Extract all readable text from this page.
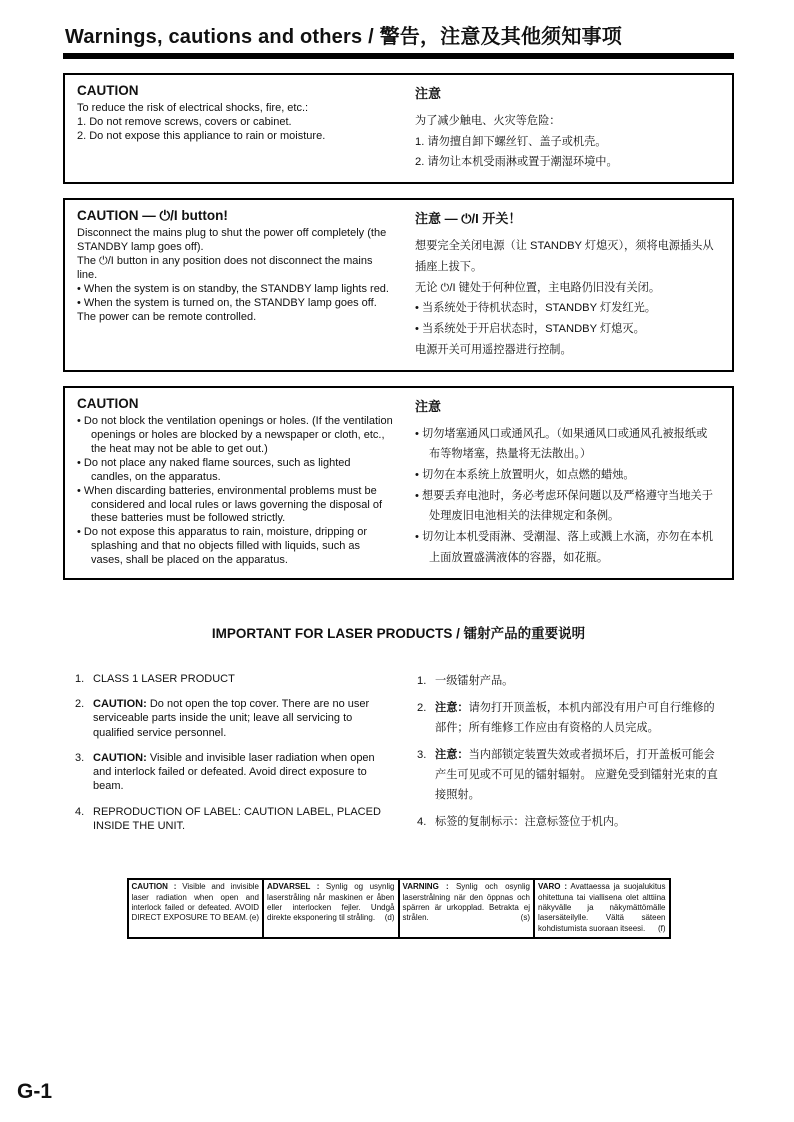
Warnings, cautions and others / 警告，注意及其他须知事项
CAUTION

To reduce the risk of electrical shocks, fire, etc.:

1. Do not remove screws, covers or cabinet.

2. Do not expose this appliance to rain or moisture.

注意

为了减少触电、火灾等危险：

1. 请勿擅自卸下螺丝钉、盖子或机壳。

2. 请勿让本机受雨淋或置于潮湿环境中。

CAUTION — ⏻/I button!

Disconnect the mains plug to shut the power off completely (the STANDBY lamp goes off).

The ⏻/I button in any position does not disconnect the mains line.

• When the system is on standby, the STANDBY lamp lights red.

• When the system is turned on, the STANDBY lamp goes off.

The power can be remote controlled.

注意 — ⏻/I 开关！

想要完全关闭电源（让 STANDBY 灯熄灭），须将电源插头从插座上拔下。

无论 ⏻/I 键处于何种位置，主电路仍旧没有关闭。

• 当系统处于待机状态时，STANDBY 灯发红光。

• 当系统处于开启状态时，STANDBY 灯熄灭。

电源开关可用遥控器进行控制。

CAUTION

• Do not block the ventilation openings or holes. (If the ventilation openings or holes are blocked by a newspaper or cloth, etc., the heat may not be able to get out.)

• Do not place any naked flame sources, such as lighted candles, on the apparatus.

• When discarding batteries, environmental problems must be considered and local rules or laws governing the disposal of these batteries must be followed strictly.

• Do not expose this apparatus to rain, moisture, dripping or splashing and that no objects filled with liquids, such as vases, shall be placed on the apparatus.

注意

• 切勿堵塞通风口或通风孔。（如果通风口或通风孔被报纸或布等物堵塞，热量将无法散出。）

• 切勿在本系统上放置明火，如点燃的蜡烛。

• 想要丢弃电池时，务必考虑环保问题以及严格遵守当地关于处理废旧电池相关的法律规定和条例。

• 切勿让本机受雨淋、受潮湿、落上或溅上水滴，亦勿在本机上面放置盛满液体的容器，如花瓶。

IMPORTANT FOR LASER PRODUCTS / 镭射产品的重要说明
1. CLASS 1 LASER PRODUCT
2. CAUTION: Do not open the top cover. There are no user serviceable parts inside the unit; leave all servicing to qualified service personnel.
3. CAUTION: Visible and invisible laser radiation when open and interlock failed or defeated. Avoid direct exposure to beam.
4. REPRODUCTION OF LABEL: CAUTION LABEL, PLACED INSIDE THE UNIT.
1. 一级镭射产品。
2. 注意：请勿打开顶盖板，本机内部没有用户可自行维修的部件；所有维修工作应由有资格的人员完成。
3. 注意：当内部锁定装置失效或者损坏后，打开盖板可能会产生可见或不可见的镭射辐射。 应避免受到镭射光束的直接照射。
4. 标签的复制标示：注意标签位于机内。
CAUTION : Visible and invisible laser radiation when open and interlock failed or defeated. AVOID DIRECT EXPOSURE TO BEAM. (e)
ADVARSEL : Synlig og usynlig laserstråling når maskinen er åben eller interlocken fejler. Undgå direkte eksponering til stråling. (d)
VARNING : Synlig och osynlig laserstrålning när den öppnas och spärren är urkopplad. Betrakta ej strålen.	(s)
VARO : Avattaessa ja suojalukitus ohitettuna tai viallisena olet alttiina näkyvälle ja näkymättömälle lasersäteilylle. Vältä säteen kohdistumista suoraan itseesi. (f)
G-1
